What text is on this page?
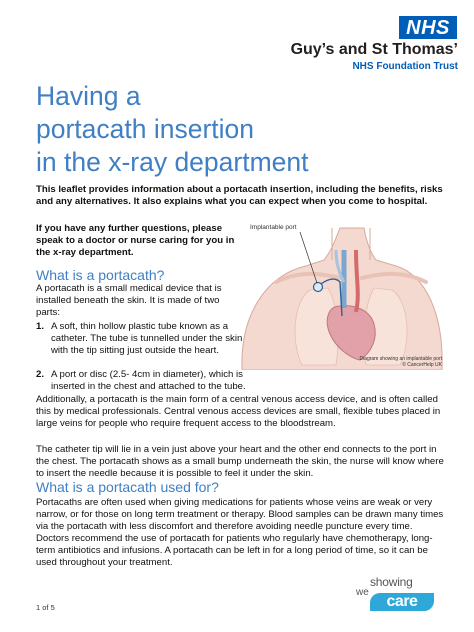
NHS
Guy’s and St Thomas’
NHS Foundation Trust
Having a
portacath insertion
in the x-ray department
This leaflet provides information about a portacath insertion, including the benefits, risks and any alternatives. It also explains what you can expect when you come to hospital.
If you have any further questions, please speak to a doctor or nurse caring for you in the x-ray department.
Implantable port
Diagram showing an implantable port
© CancerHelp UK
What is a portacath?
A portacath is a small medical device that is installed beneath the skin. It is made of two parts:
1. A soft, thin hollow plastic tube known as a catheter. The tube is tunnelled under the skin with the tip sitting just outside the heart.
2. A port or disc (2.5- 4cm in diameter), which is inserted in the chest and attached to the tube.
Additionally, a portacath is the main form of a central venous access device, and is often called this by medical professionals. Central venous access devices are small, flexible tubes placed in large veins for people who require frequent access to the bloodstream.
The catheter tip will lie in a vein just above your heart and the other end connects to the port in the chest. The portacath shows as a small bump underneath the skin, the nurse will know where to insert the needle because it is possible to feel it under the skin.
What is a portacath used for?
Portacaths are often used when giving medications for patients whose veins are weak or very narrow, or for those on long term treatment or therapy. Blood samples can be drawn many times via the portacath with less discomfort and therefore avoiding needle puncture every time. Doctors recommend the use of portacath for patients who regularly have chemotherapy, long-term antibiotics and infusions. A portacath can be left in for a long period of time, so it can be used throughout your treatment.
1 of 5
showing
care
we
